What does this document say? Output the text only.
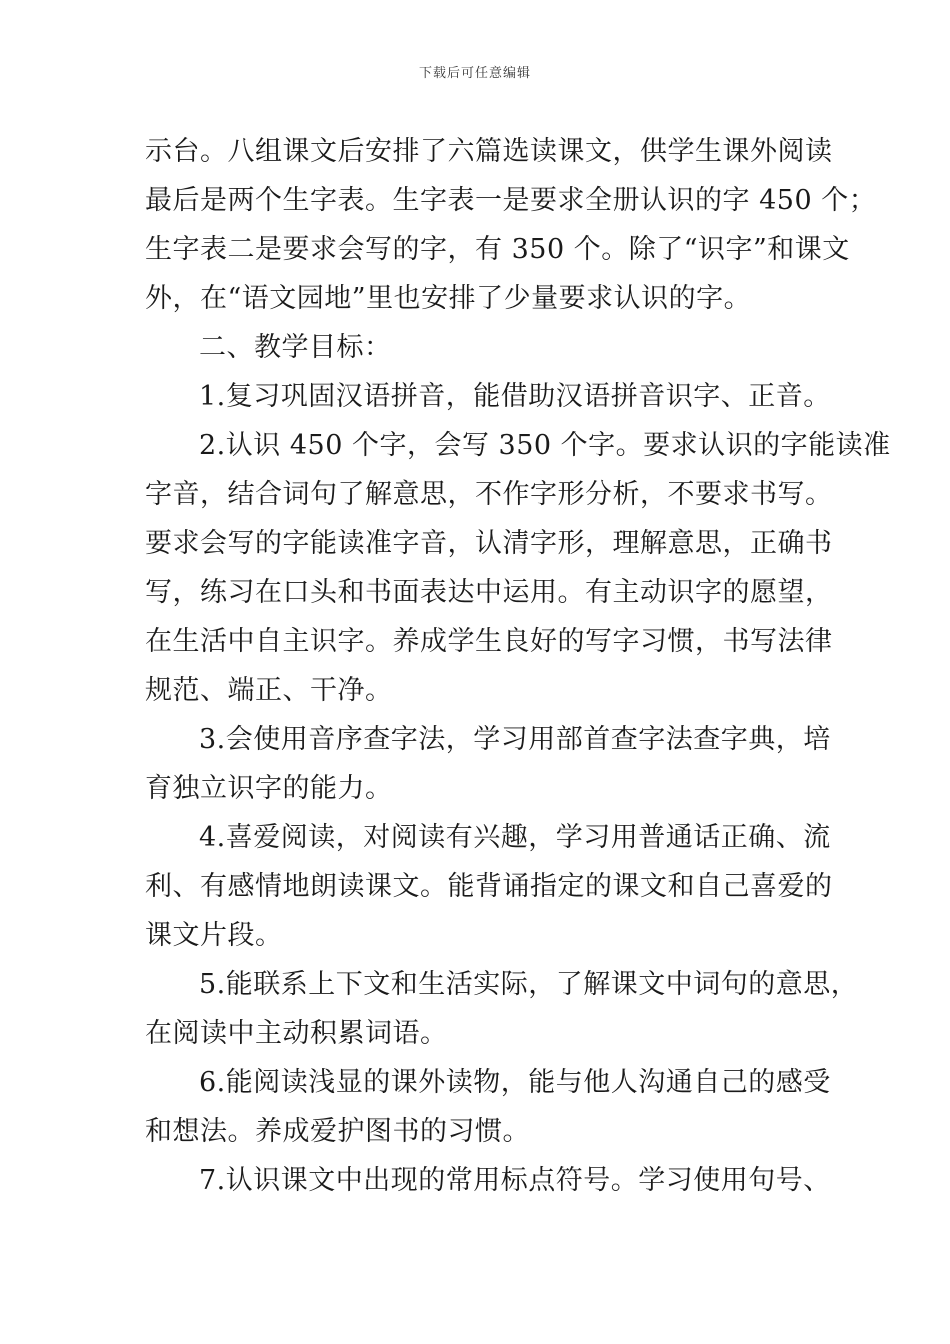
下载后可任意编辑
示台。八组课文后安排了六篇选读课文，供学生课外阅读
最后是两个生字表。生字表一是要求全册认识的字 450 个；
生字表二是要求会写的字，有 350 个。除了“识字”和课文
外，在“语文园地”里也安排了少量要求认识的字。
二、教学目标：
1.复习巩固汉语拼音，能借助汉语拼音识字、正音。
2.认识 450 个字，会写 350 个字。要求认识的字能读准
字音，结合词句了解意思，不作字形分析，不要求书写。
要求会写的字能读准字音，认清字形，理解意思，正确书
写，练习在口头和书面表达中运用。有主动识字的愿望，
在生活中自主识字。养成学生良好的写字习惯，书写法律
规范、端正、干净。
3.会使用音序查字法，学习用部首查字法查字典，培
育独立识字的能力。
4.喜爱阅读，对阅读有兴趣，学习用普通话正确、流
利、有感情地朗读课文。能背诵指定的课文和自己喜爱的
课文片段。
5.能联系上下文和生活实际，了解课文中词句的意思，
在阅读中主动积累词语。
6.能阅读浅显的课外读物，能与他人沟通自己的感受
和想法。养成爱护图书的习惯。
7.认识课文中出现的常用标点符号。学习使用句号、
